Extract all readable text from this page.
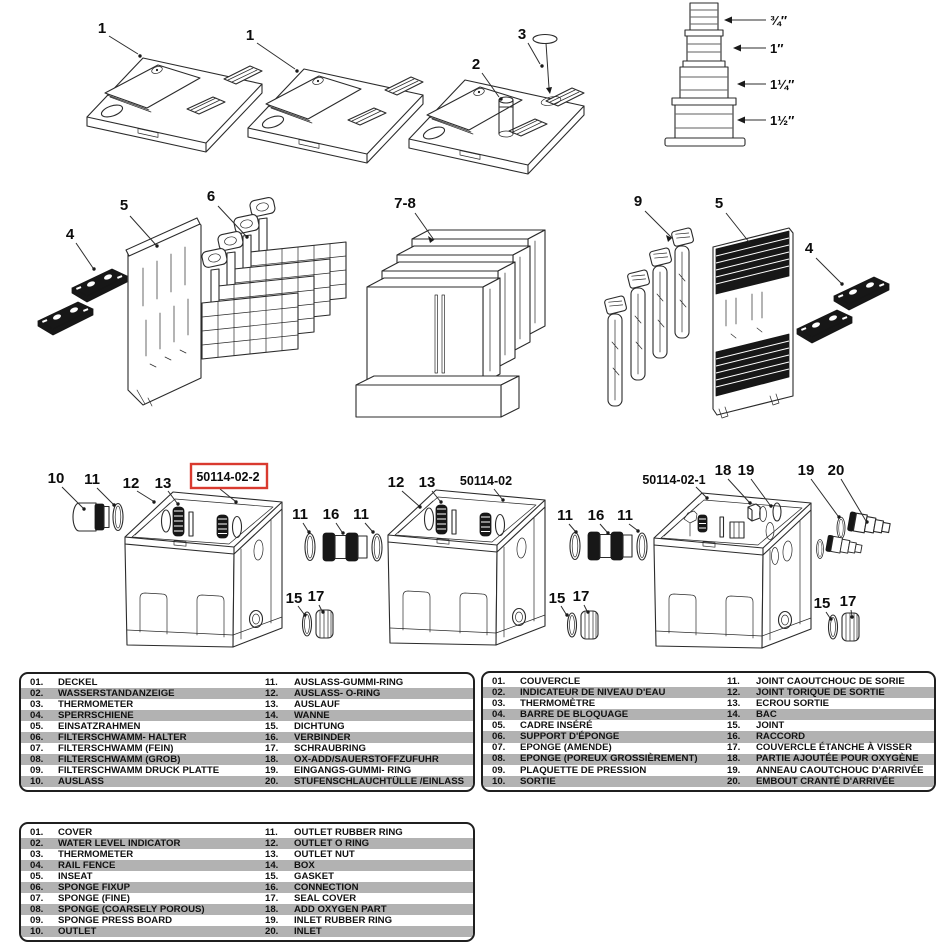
1	1
2
3
¾″
1″
1¼″
1½″
4
5
6	7-8	9	5
4
50114-02-2	50114-02	50114-02-1
10 11 12 13
11 16 11
15 17
12 13
11 16 11
15 17
18 19	19 20
15 17
01.	DECKEL	11.	AUSLASS-GUMMI-RING
02.	WASSERSTANDANZEIGE	12.	AUSLASS- O-RING
03.	THERMOMETER	13.	AUSLAUF
04.	SPERRSCHIENE	14.	WANNE
05.	EINSATZRAHMEN	15.	DICHTUNG
06.	FILTERSCHWAMM- HALTER	16.	VERBINDER
07.	FILTERSCHWAMM (FEIN)	17.	SCHRAUBRING
08.	FILTERSCHWAMM (GROB)	18.	OX-ADD/SAUERSTOFFZUFUHR
09.	FILTERSCHWAMM DRUCK PLATTE	19.	EINGANGS-GUMMI- RING
10.	AUSLASS	20.	STUFENSCHLAUCHTÜLLE /EINLASS
01.	COUVERCLE	11.	JOINT CAOUTCHOUC DE SORIE
02.	INDICATEUR DE NIVEAU D'EAU	12.	JOINT TORIQUE DE SORTIE
03.	THERMOMÈTRE	13.	ECROU SORTIE
04.	BARRE DE BLOQUAGE	14.	BAC
05.	CADRE INSÉRÉ	15.	JOINT
06.	SUPPORT D'ÉPONGE	16.	RACCORD
07.	EPONGE (AMENDE)	17.	COUVERCLE ÉTANCHE À VISSER
08.	EPONGE (POREUX GROSSIÈREMENT)	18.	PARTIE AJOUTÉE POUR OXYGÈNE
09.	PLAQUETTE DE PRESSION	19.	ANNEAU CAOUTCHOUC D'ARRIVÉE
10.	SORTIE	20.	EMBOUT CRANTÉ D'ARRIVÉE
01.	COVER	11.	OUTLET RUBBER RING
02.	WATER LEVEL INDICATOR	12.	OUTLET O RING
03.	THERMOMETER	13.	OUTLET NUT
04.	RAIL FENCE	14.	BOX
05.	INSEAT	15.	GASKET
06.	SPONGE FIXUP	16.	CONNECTION
07.	SPONGE (FINE)	17.	SEAL COVER
08.	SPONGE (COARSELY POROUS)	18.	ADD OXYGEN PART
09.	SPONGE PRESS BOARD	19.	INLET RUBBER RING
10.	OUTLET	20.	INLET
